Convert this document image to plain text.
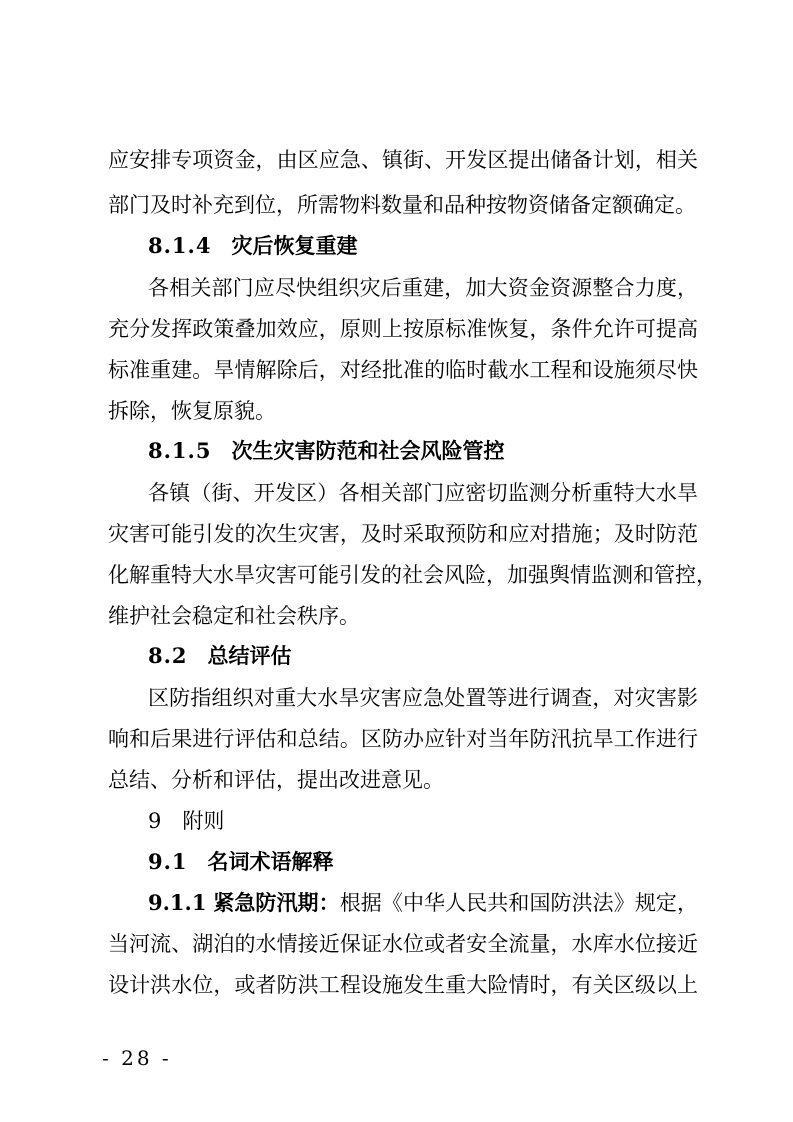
应安排专项资金，由区应急、镇街、开发区提出储备计划，相关
部门及时补充到位，所需物料数量和品种按物资储备定额确定。
8.1.4 灾后恢复重建
各相关部门应尽快组织灾后重建，加大资金资源整合力度，
充分发挥政策叠加效应，原则上按原标准恢复，条件允许可提高
标准重建。旱情解除后，对经批准的临时截水工程和设施须尽快
拆除，恢复原貌。
8.1.5 次生灾害防范和社会风险管控
各镇（街、开发区）各相关部门应密切监测分析重特大水旱
灾害可能引发的次生灾害，及时采取预防和应对措施；及时防范
化解重特大水旱灾害可能引发的社会风险，加强舆情监测和管控，
维护社会稳定和社会秩序。
8.2 总结评估
区防指组织对重大水旱灾害应急处置等进行调查，对灾害影
响和后果进行评估和总结。区防办应针对当年防汛抗旱工作进行
总结、分析和评估，提出改进意见。
9 附则
9.1 名词术语解释
9.1.1 紧急防汛期：根据《中华人民共和国防洪法》规定，
当河流、湖泊的水情接近保证水位或者安全流量，水库水位接近
设计洪水位，或者防洪工程设施发生重大险情时，有关区级以上
- 28 -
